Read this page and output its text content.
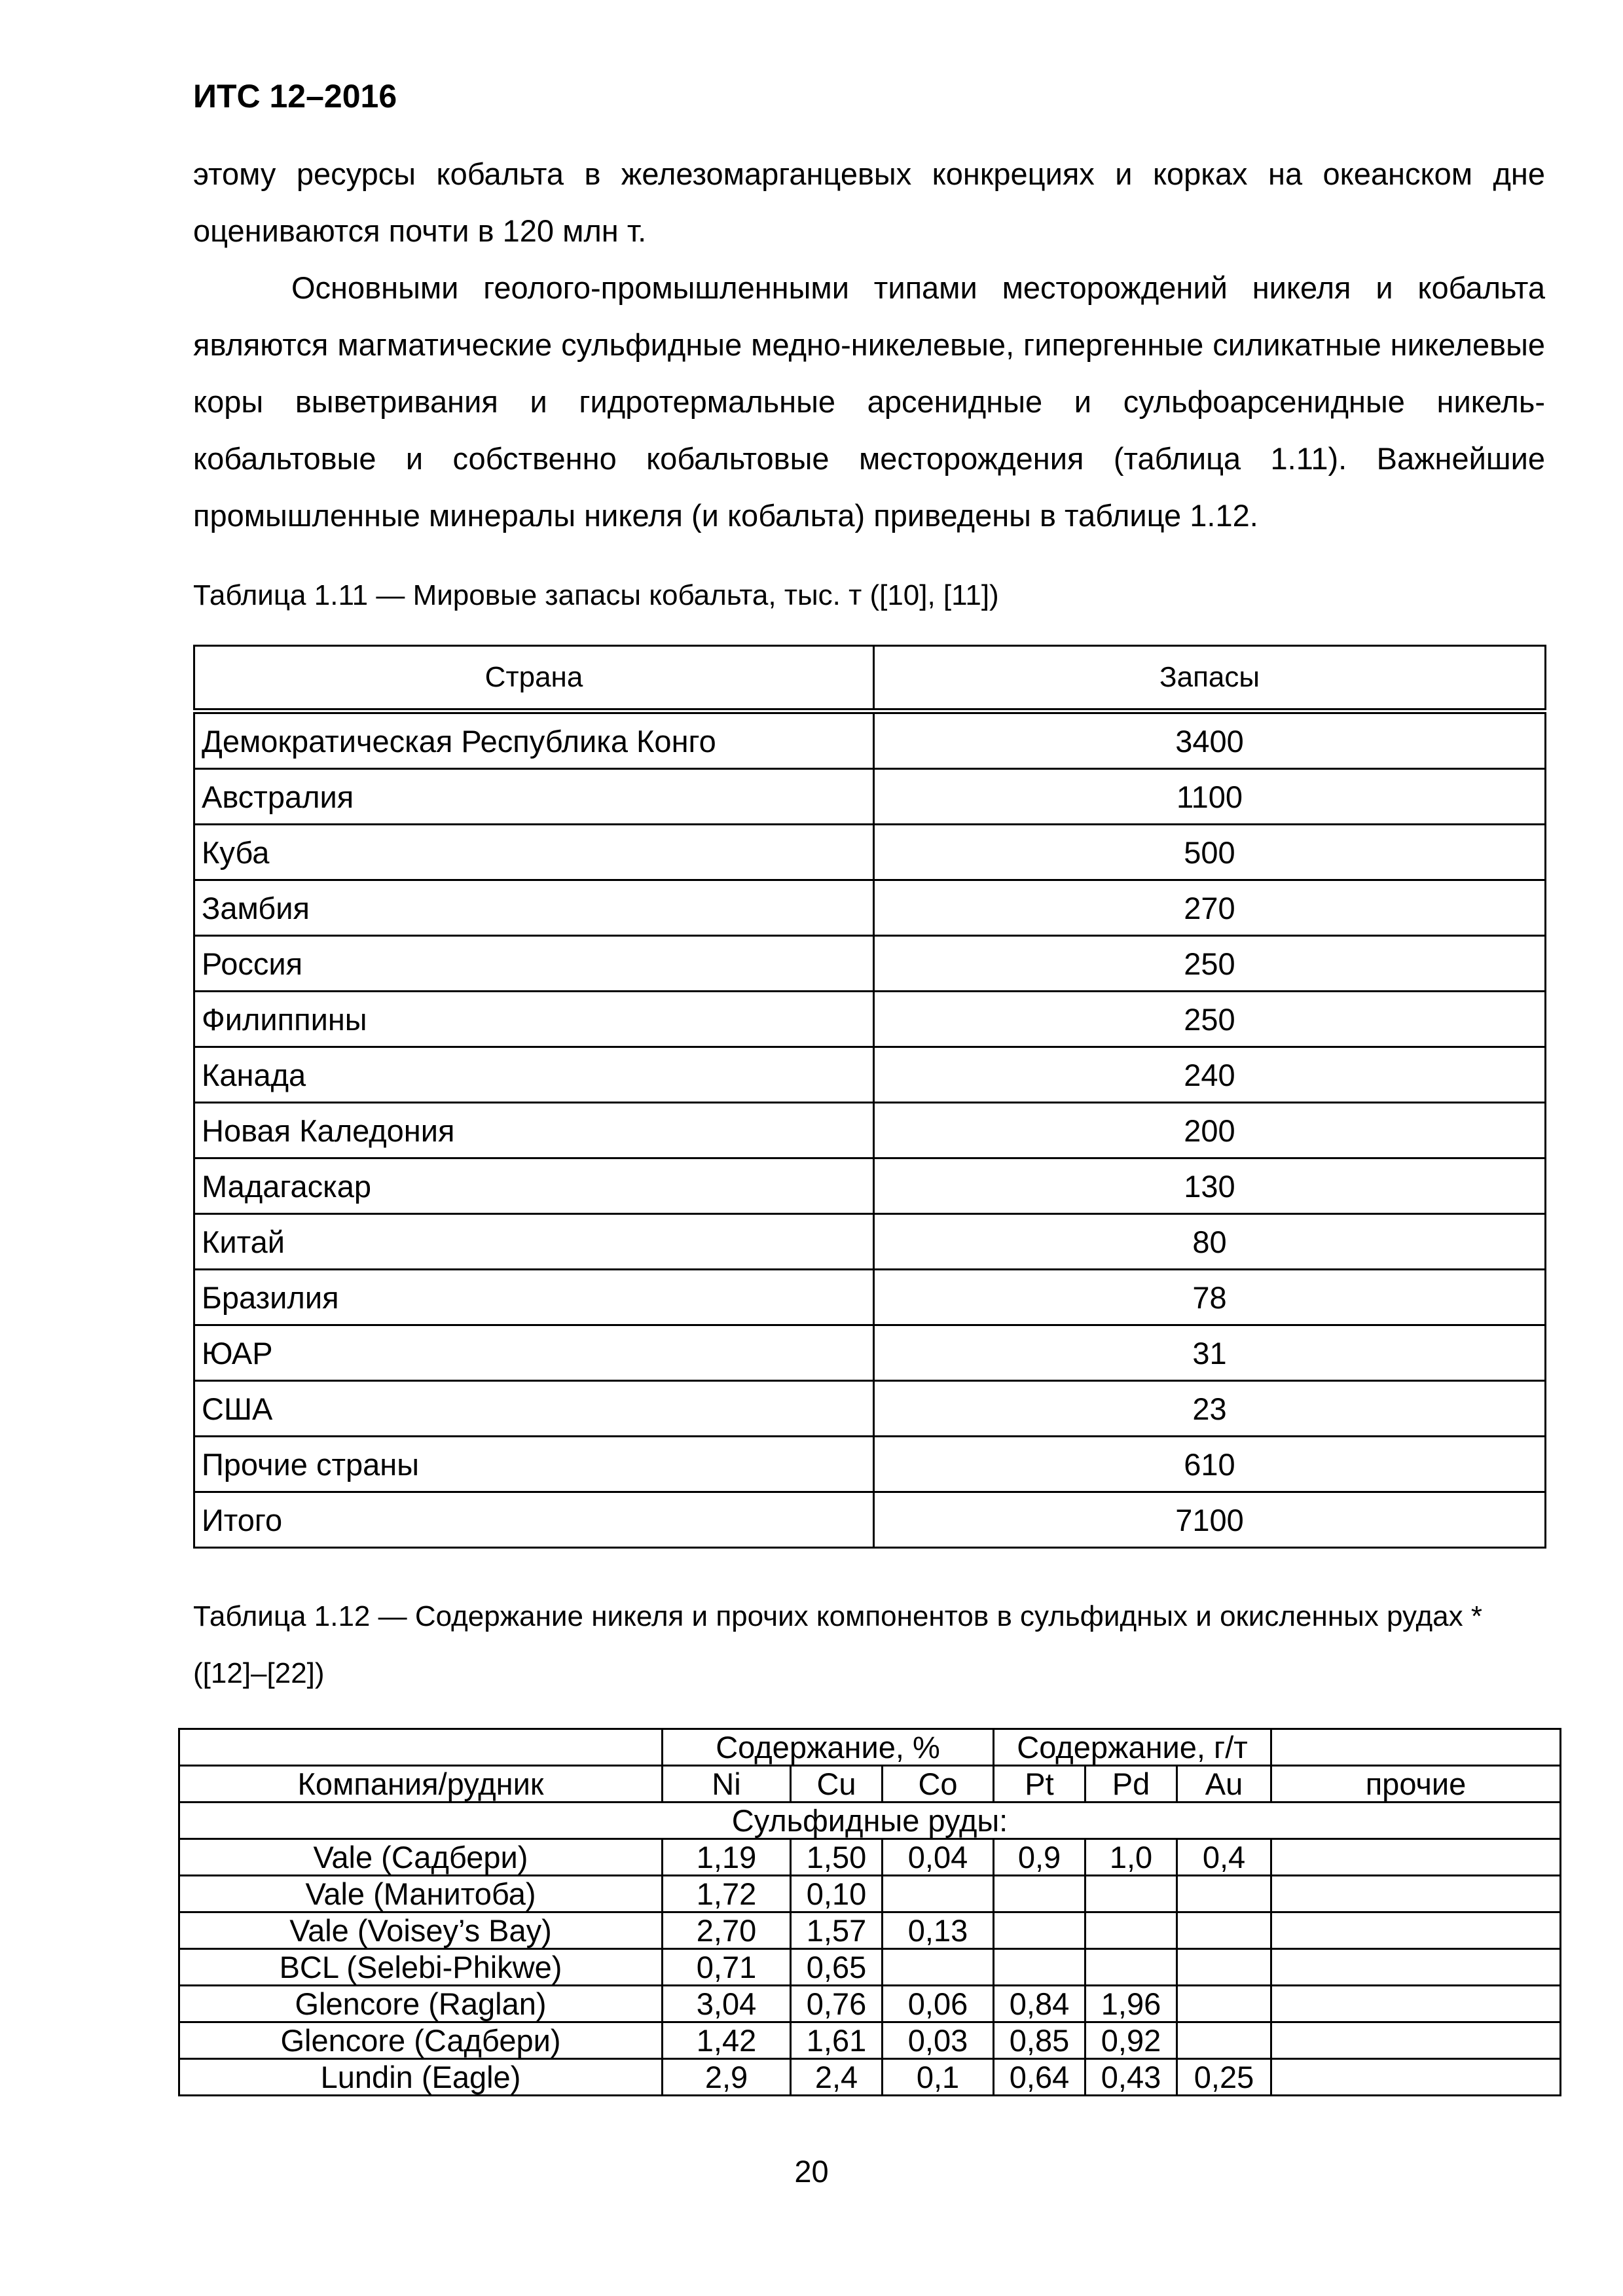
ИТС 12–2016
этому ресурсы кобальта в железомарганцевых конкрециях и корках на океанском дне оцениваются почти в 120 млн т.
Основными геолого-промышленными типами месторождений никеля и кобальта являются магматические сульфидные медно-никелевые, гипергенные силикатные никелевые коры выветривания и гидротермальные арсенидные и сульфоарсенидные никель-кобальтовые и собственно кобальтовые месторождения (таблица 1.11). Важнейшие промышленные минералы никеля (и кобальта) приведены в таблице 1.12.
Таблица 1.11 — Мировые запасы кобальта, тыс. т ([10], [11])
Страна	Запасы
Демократическая Республика Конго	3400
Австралия	1100
Куба	500
Замбия	270
Россия	250
Филиппины	250
Канада	240
Новая Каледония	200
Мадагаскар	130
Китай	80
Бразилия	78
ЮАР	31
США	23
Прочие страны	610
Итого	7100
Таблица 1.12 — Содержание никеля и прочих компонентов в сульфидных и окисленных рудах * ([12]–[22])
	Содержание, %			Содержание, г/т			
Компания/рудник	Ni	Cu	Co	Pt	Pd	Au	прочие
Сульфидные руды:							
Vale (Садбери)	1,19	1,50	0,04	0,9	1,0	0,4	
Vale (Манитоба)	1,72	0,10					
Vale (Voisey’s Bay)	2,70	1,57	0,13				
BCL (Selebi-Phikwe)	0,71	0,65					
Glencore (Raglan)	3,04	0,76	0,06	0,84	1,96		
Glencore (Садбери)	1,42	1,61	0,03	0,85	0,92		
Lundin (Eagle)	2,9	2,4	0,1	0,64	0,43	0,25	
20
